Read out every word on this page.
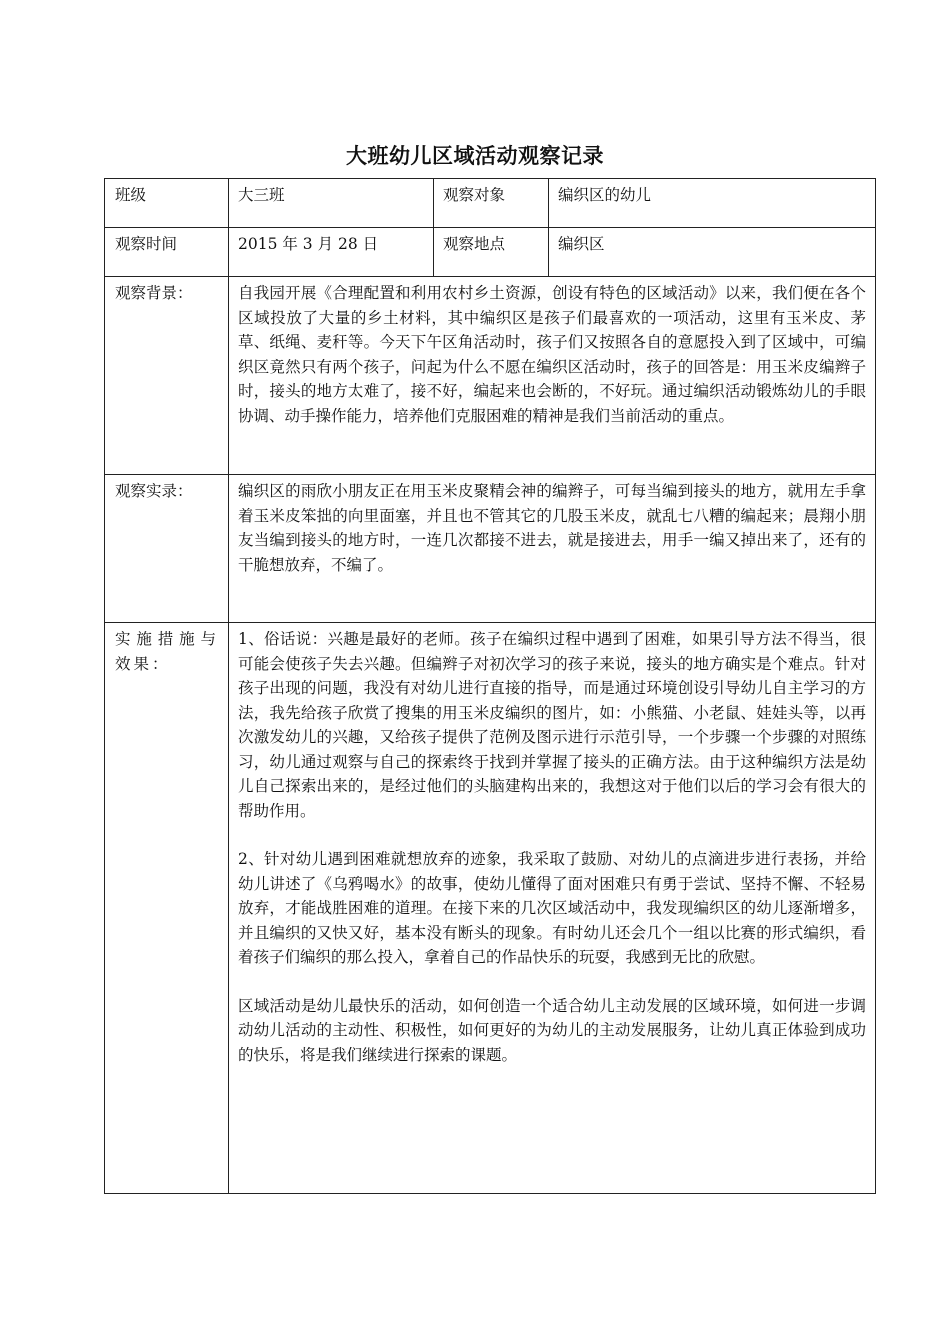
大班幼儿区域活动观察记录
班级	大三班	观察对象	编织区的幼儿
观察时间	2015 年 3 月 28 日	观察地点	编织区
观察背景：	自我园开展《合理配置和利用农村乡土资源，创设有特色的区域活动》以来，我们便在各个区域投放了大量的乡土材料，其中编织区是孩子们最喜欢的一项活动，这里有玉米皮、茅草、纸绳、麦秆等。今天下午区角活动时，孩子们又按照各自的意愿投入到了区域中，可编织区竟然只有两个孩子，问起为什么不愿在编织区活动时，孩子的回答是：用玉米皮编辫子时，接头的地方太难了，接不好，编起来也会断的，不好玩。通过编织活动锻炼幼儿的手眼协调、动手操作能力，培养他们克服困难的精神是我们当前活动的重点。		

观察实录：	编织区的雨欣小朋友正在用玉米皮聚精会神的编辫子，可每当编到接头的地方，就用左手拿着玉米皮笨拙的向里面塞，并且也不管其它的几股玉米皮，就乱七八糟的编起来；晨翔小朋友当编到接头的地方时，一连几次都接不进去，就是接进去，用手一编又掉出来了，还有的干脆想放弃，不编了。		

实施措施与效果：	1、俗话说：兴趣是最好的老师。孩子在编织过程中遇到了困难，如果引导方法不得当，很可能会使孩子失去兴趣。但编辫子对初次学习的孩子来说，接头的地方确实是个难点。针对孩子出现的问题，我没有对幼儿进行直接的指导，而是通过环境创设引导幼儿自主学习的方法，我先给孩子欣赏了搜集的用玉米皮编织的图片，如：小熊猫、小老鼠、娃娃头等，以再次激发幼儿的兴趣，又给孩子提供了范例及图示进行示范引导，一个步骤一个步骤的对照练习，幼儿通过观察与自己的探索终于找到并掌握了接头的正确方法。由于这种编织方法是幼儿自己探索出来的，是经过他们的头脑建构出来的，我想这对于他们以后的学习会有很大的帮助作用。

2、针对幼儿遇到困难就想放弃的迹象，我采取了鼓励、对幼儿的点滴进步进行表扬，并给幼儿讲述了《乌鸦喝水》的故事，使幼儿懂得了面对困难只有勇于尝试、坚持不懈、不轻易放弃，才能战胜困难的道理。在接下来的几次区域活动中，我发现编织区的幼儿逐渐增多，并且编织的又快又好，基本没有断头的现象。有时幼儿还会几个一组以比赛的形式编织，看着孩子们编织的那么投入，拿着自己的作品快乐的玩耍，我感到无比的欣慰。

区域活动是幼儿最快乐的活动，如何创造一个适合幼儿主动发展的区域环境，如何进一步调动幼儿活动的主动性、积极性，如何更好的为幼儿的主动发展服务，让幼儿真正体验到成功的快乐，将是我们继续进行探索的课题。		
